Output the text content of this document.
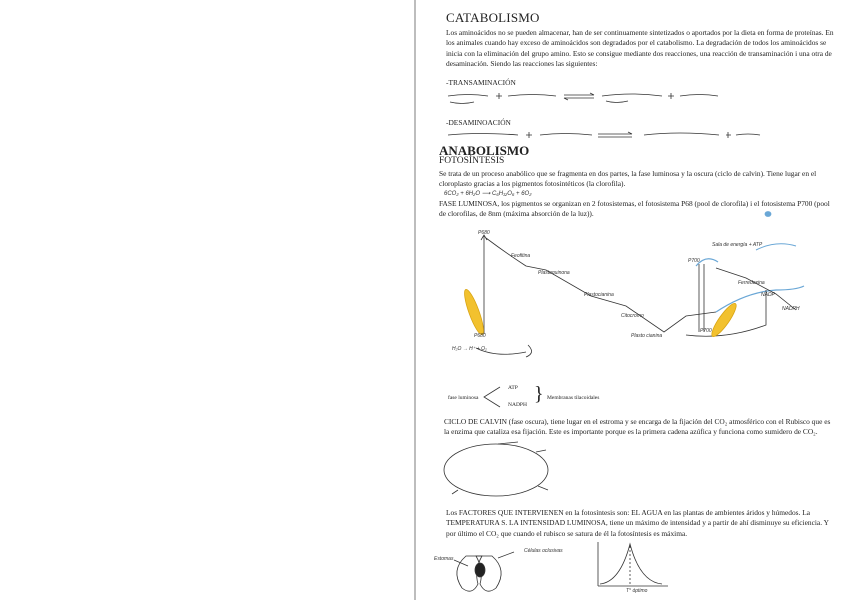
CATABOLISMO
Los aminoácidos no se pueden almacenar, han de ser continuamente sintetizados o aportados por la dieta en forma de proteínas. En los animales cuando hay exceso de aminoácidos son degradados por el catabolismo. La degradación de todos los aminoácidos se inicia con la eliminación del grupo amino. Esto se consigue mediante dos reacciones, una reacción de transaminación i una otra de desaminación. Siendo las reacciones las siguientes:
-TRANSAMINACIÓN
-DESAMINOACIÓN
ANABOLISMO
FOTOSÍNTESIS
Se trata de un proceso anabólico que se fragmenta en dos partes, la fase luminosa y la oscura (ciclo de calvin). Tiene lugar en el cloroplasto gracias a los pigmentos fotosintéticos (la clorofila).
6CO₂ + 6H₂O ⟶ C₆H₁₂O₆ + 6O₂
FASE LUMINOSA, los pigmentos se organizan en 2 fotosistemas, el fotosistema P68 (pool de clorofila) i el fotosistema P700 (pool de clorofilas, de 8nm (máxima absorción de la luz)).
P680
P680
Feofitina
Plastoquinona
Plastocianina
Citocromo
Plasto cianina
P700
P700
Ferredoxina
NADP
NADPH
H₂O → H⁺ + O₂
Sala de energía + ATP
fase luminosa
ATP
NADPH } Membranas tilacoidales
CICLO DE CALVIN (fase oscura), tiene lugar en el estroma y se encarga de la fijación del CO₂ atmosférico con el Rubisco que es la enzima que cataliza esa fijación. Este es importante porque es la primera cadena azúfica y funciona como sumidero de CO₂.
Los FACTORES QUE INTERVIENEN en la fotosíntesis son: EL AGUA en las plantas de ambientes áridos y húmedos. La TEMPERATURA S. LA INTENSIDAD LUMINOSA, tiene un máximo de intensidad y a partir de ahí disminuye su eficiencia. Y por último el CO₂ que cuando el rubisco se satura de él la fotosíntesis es máxima.
Estomas
Células oclusivas
T° óptimo
